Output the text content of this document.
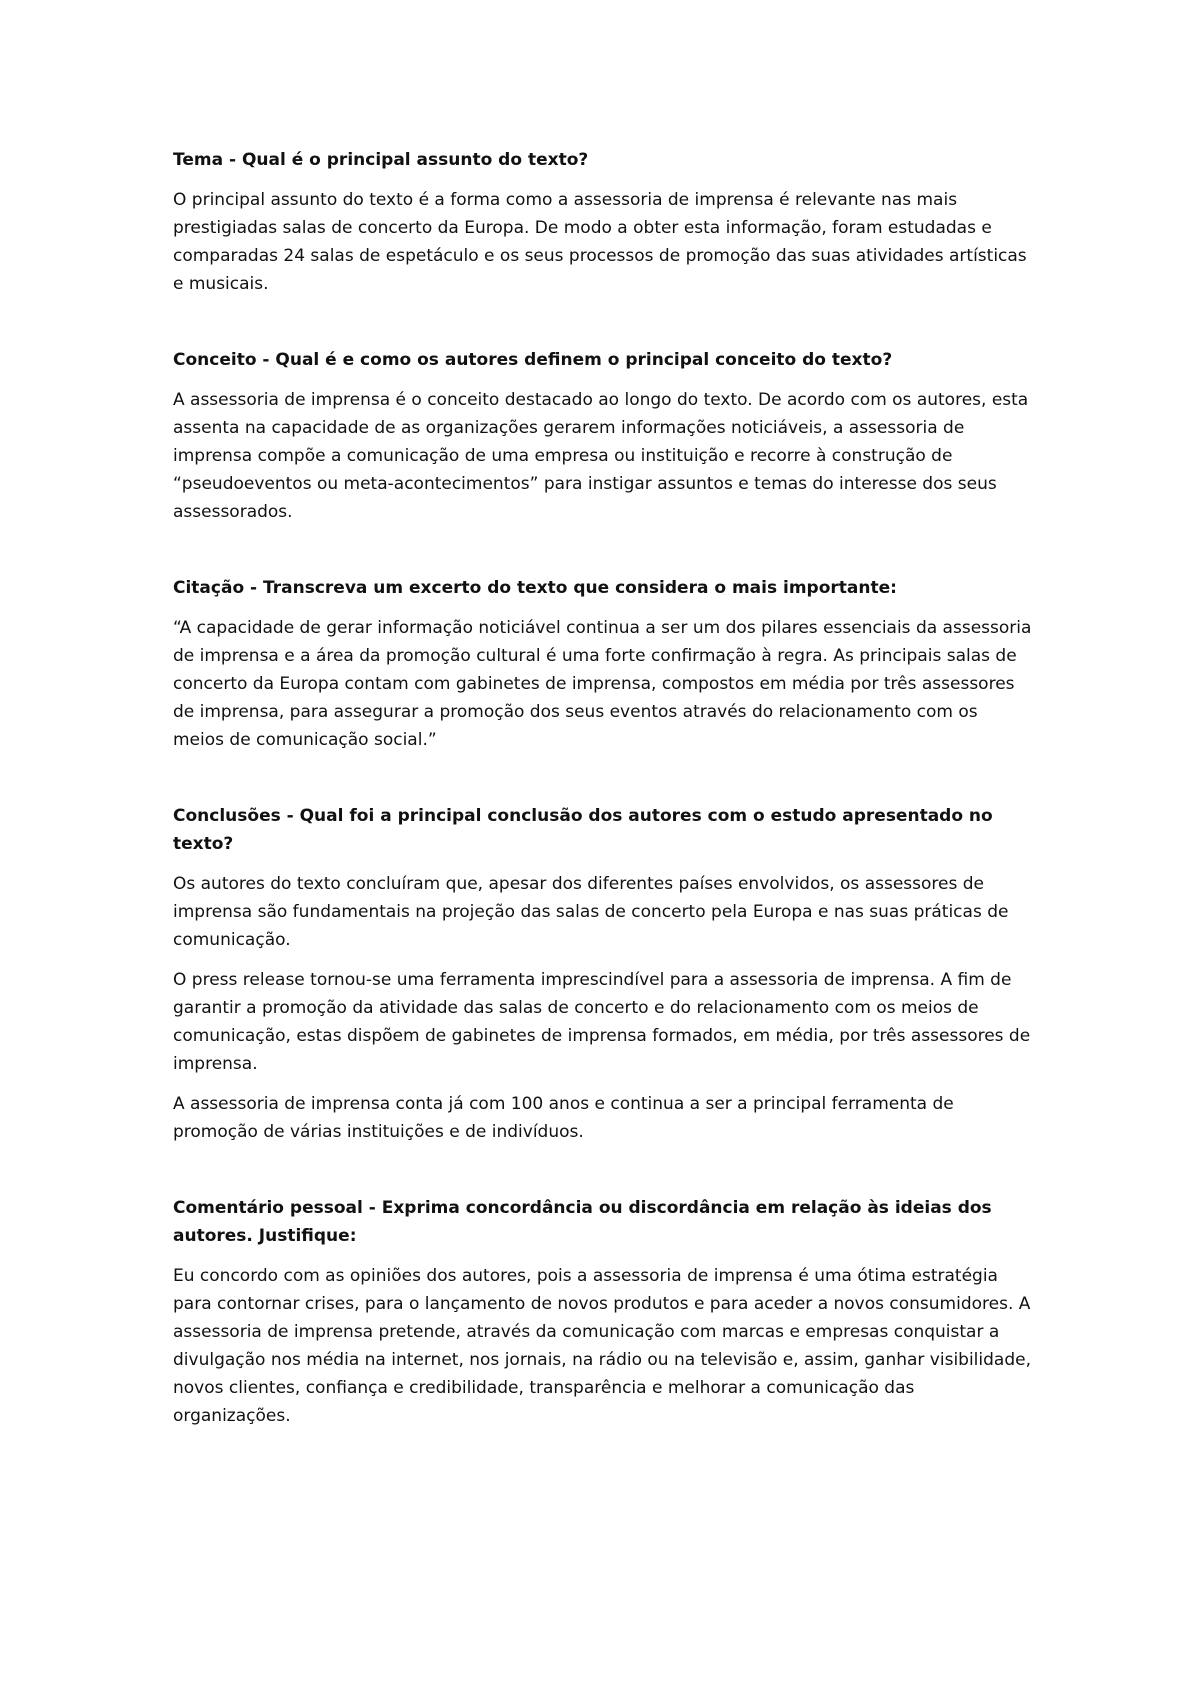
Tema - Qual é o principal assunto do texto?

O principal assunto do texto é a forma como a assessoria de imprensa é relevante nas mais prestigiadas salas de concerto da Europa. De modo a obter esta informação, foram estudadas e comparadas 24 salas de espetáculo e os seus processos de promoção das suas atividades artísticas e musicais.

Conceito - Qual é e como os autores definem o principal conceito do texto?

A assessoria de imprensa é o conceito destacado ao longo do texto. De acordo com os autores, esta assenta na capacidade de as organizações gerarem informações noticiáveis, a assessoria de imprensa compõe a comunicação de uma empresa ou instituição e recorre à construção de “pseudoeventos ou meta-acontecimentos” para instigar assuntos e temas do interesse dos seus assessorados.

Citação - Transcreva um excerto do texto que considera o mais importante:

“A capacidade de gerar informação noticiável continua a ser um dos pilares essenciais da assessoria de imprensa e a área da promoção cultural é uma forte confirmação à regra. As principais salas de concerto da Europa contam com gabinetes de imprensa, compostos em média por três assessores de imprensa, para assegurar a promoção dos seus eventos através do relacionamento com os meios de comunicação social.”

Conclusões - Qual foi a principal conclusão dos autores com o estudo apresentado no texto?

Os autores do texto concluíram que, apesar dos diferentes países envolvidos, os assessores de imprensa são fundamentais na projeção das salas de concerto pela Europa e nas suas práticas de comunicação.

O press release tornou-se uma ferramenta imprescindível para a assessoria de imprensa. A fim de garantir a promoção da atividade das salas de concerto e do relacionamento com os meios de comunicação, estas dispõem de gabinetes de imprensa formados, em média, por três assessores de imprensa.

A assessoria de imprensa conta já com 100 anos e continua a ser a principal ferramenta de promoção de várias instituições e de indivíduos.

Comentário pessoal - Exprima concordância ou discordância em relação às ideias dos autores. Justifique:

Eu concordo com as opiniões dos autores, pois a assessoria de imprensa é uma ótima estratégia para contornar crises, para o lançamento de novos produtos e para aceder a novos consumidores. A assessoria de imprensa pretende, através da comunicação com marcas e empresas conquistar a divulgação nos média na internet, nos jornais, na rádio ou na televisão e, assim, ganhar visibilidade, novos clientes, confiança e credibilidade, transparência e melhorar a comunicação das organizações.
